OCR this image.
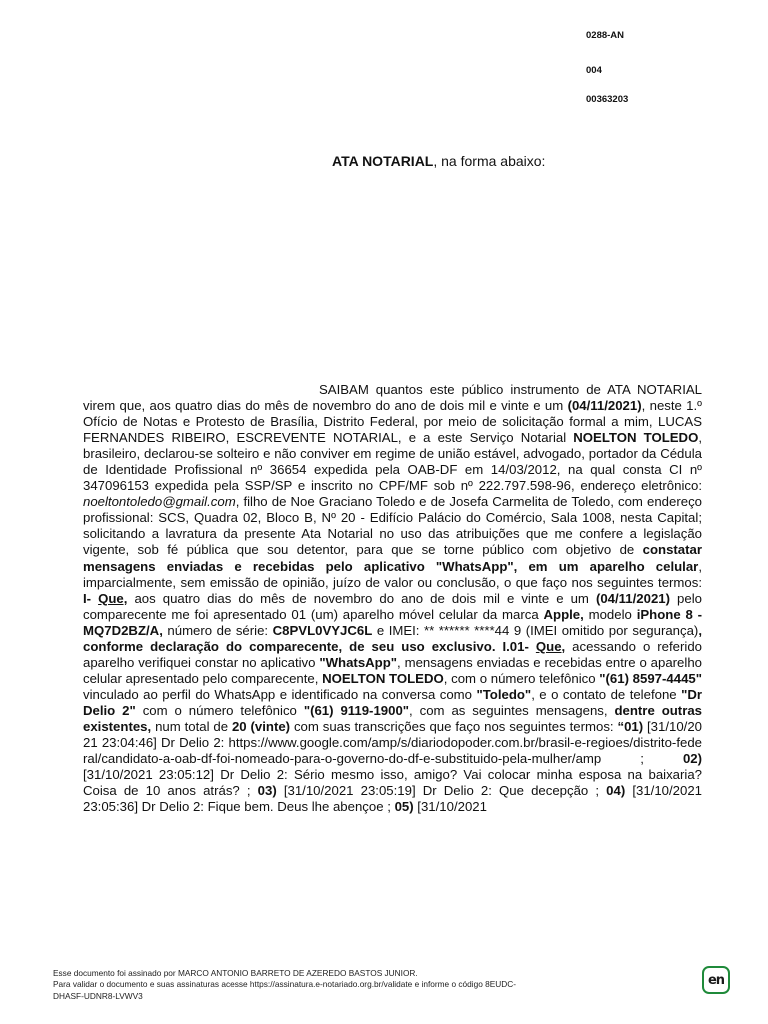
0288-AN
004
00363203
ATA NOTARIAL, na forma abaixo:

SAIBAM quantos este público instrumento de ATA NOTARIAL virem que, aos quatro dias do mês de novembro do ano de dois mil e vinte e um (04/11/2021), neste 1.º Ofício de Notas e Protesto de Brasília, Distrito Federal, por meio de solicitação formal a mim, LUCAS FERNANDES RIBEIRO, ESCREVENTE NOTARIAL, e a este Serviço Notarial NOELTON TOLEDO, brasileiro, declarou-se solteiro e não conviver em regime de união estável, advogado, portador da Cédula de Identidade Profissional nº 36654 expedida pela OAB-DF em 14/03/2012, na qual consta CI nº 347096153 expedida pela SSP/SP e inscrito no CPF/MF sob nº 222.797.598-96, endereço eletrônico: noeltontoledo@gmail.com, filho de Noe Graciano Toledo e de Josefa Carmelita de Toledo, com endereço profissional: SCS, Quadra 02, Bloco B, Nº 20 - Edifício Palácio do Comércio, Sala 1008, nesta Capital; solicitando a lavratura da presente Ata Notarial no uso das atribuições que me confere a legislação vigente, sob fé pública que sou detentor, para que se torne público com objetivo de constatar mensagens enviadas e recebidas pelo aplicativo "WhatsApp", em um aparelho celular, imparcialmente, sem emissão de opinião, juízo de valor ou conclusão, o que faço nos seguintes termos: I- Que, aos quatro dias do mês de novembro do ano de dois mil e vinte e um (04/11/2021) pelo comparecente me foi apresentado 01 (um) aparelho móvel celular da marca Apple, modelo iPhone 8 - MQ7D2BZ/A, número de série: C8PVL0VYJC6L e IMEI: ** ****** ****44 9 (IMEI omitido por segurança), conforme declaração do comparecente, de seu uso exclusivo. I.01- Que, acessando o referido aparelho verifiquei constar no aplicativo "WhatsApp", mensagens enviadas e recebidas entre o aparelho celular apresentado pelo comparecente, NOELTON TOLEDO, com o número telefônico "(61) 8597-4445" vinculado ao perfil do WhatsApp e identificado na conversa como "Toledo", e o contato de telefone "Dr Delio 2" com o número telefônico "(61) 9119-1900", com as seguintes mensagens, dentre outras existentes, num total de 20 (vinte) com suas transcrições que faço nos seguintes termos: “01) [31/10/2021 23:04:46] Dr Delio 2: https://www.google.com/amp/s/diariodopoder.com.br/brasil-e-regioes/distrito-federal/candidato-a-oab-df-foi-nomeado-para-o-governo-do-df-e-substituido-pela-mulher/amp ; 02) [31/10/2021 23:05:12] Dr Delio 2: Sério mesmo isso, amigo? Vai colocar minha esposa na baixaria? Coisa de 10 anos atrás? ; 03) [31/10/2021 23:05:19] Dr Delio 2: Que decepção ; 04) [31/10/2021 23:05:36] Dr Delio 2: Fique bem. Deus lhe abençoe ; 05) [31/10/2021

Esse documento foi assinado por MARCO ANTONIO BARRETO DE AZEREDO BASTOS JUNIOR.
Para validar o documento e suas assinaturas acesse https://assinatura.e-notariado.org.br/validate e informe o código 8EUDC-
DHASF-UDNR8-LVWV3
en
